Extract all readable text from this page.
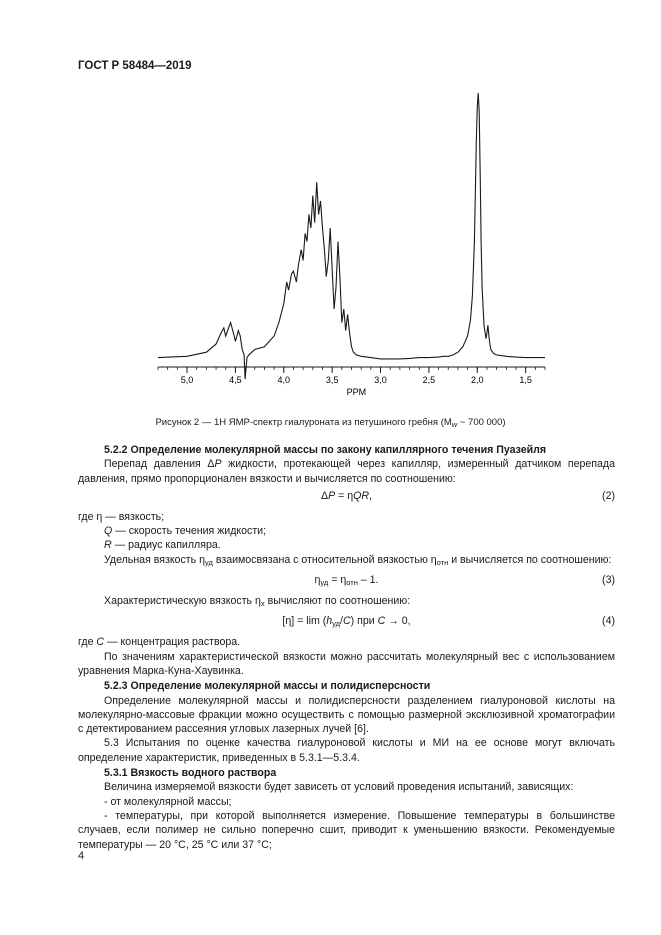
ГОСТ Р 58484—2019
5,0	4,5	4,0	3,5	3,0	2,5	2,0	1,5
PPM
Рисунок 2 — 1H ЯМР-спектр гиалуроната из петушиного гребня ($M_w$ ~ 700 000)

5.2.2 Определение молекулярной массы по закону капиллярного течения Пуазейля

Перепад давления ΔP жидкости, протекающей через капилляр, измеренный датчиком перепада давления, прямо пропорционален вязкости и вычисляется по соотношению:

ΔP = ηQR,	(2)

где η — вязкость;

Q — скорость течения жидкости;

R — радиус капилляра.

Удельная вязкость $\eta_{уд}$ взаимосвязана с относительной вязкостью $\eta_{отн}$ и вычисляется по соотношению:

$\eta_{уд} = \eta_{отн} - 1$.	(3)

Характеристическую вязкость $\eta_x$ вычисляют по соотношению:

$[\eta] = \lim (h_{уд}/C)$ при C → 0,	(4)

где C — концентрация раствора.

По значениям характеристической вязкости можно рассчитать молекулярный вес с использованием уравнения Марка-Куна-Хаувинка.

5.2.3 Определение молекулярной массы и полидисперсности

Определение молекулярной массы и полидисперсности разделением гиалуроновой кислоты на молекулярно-массовые фракции можно осуществить с помощью размерной эксклюзивной хроматографии с детектированием рассеяния угловых лазерных лучей [6].

5.3 Испытания по оценке качества гиалуроновой кислоты и МИ на ее основе могут включать определение характеристик, приведенных в 5.3.1—5.3.4.

5.3.1 Вязкость водного раствора

Величина измеряемой вязкости будет зависеть от условий проведения испытаний, зависящих:

- от молекулярной массы;

- температуры, при которой выполняется измерение. Повышение температуры в большинстве случаев, если полимер не сильно поперечно сшит, приводит к уменьшению вязкости. Рекомендуемые температуры — 20 °С, 25 °С или 37 °С;

4
